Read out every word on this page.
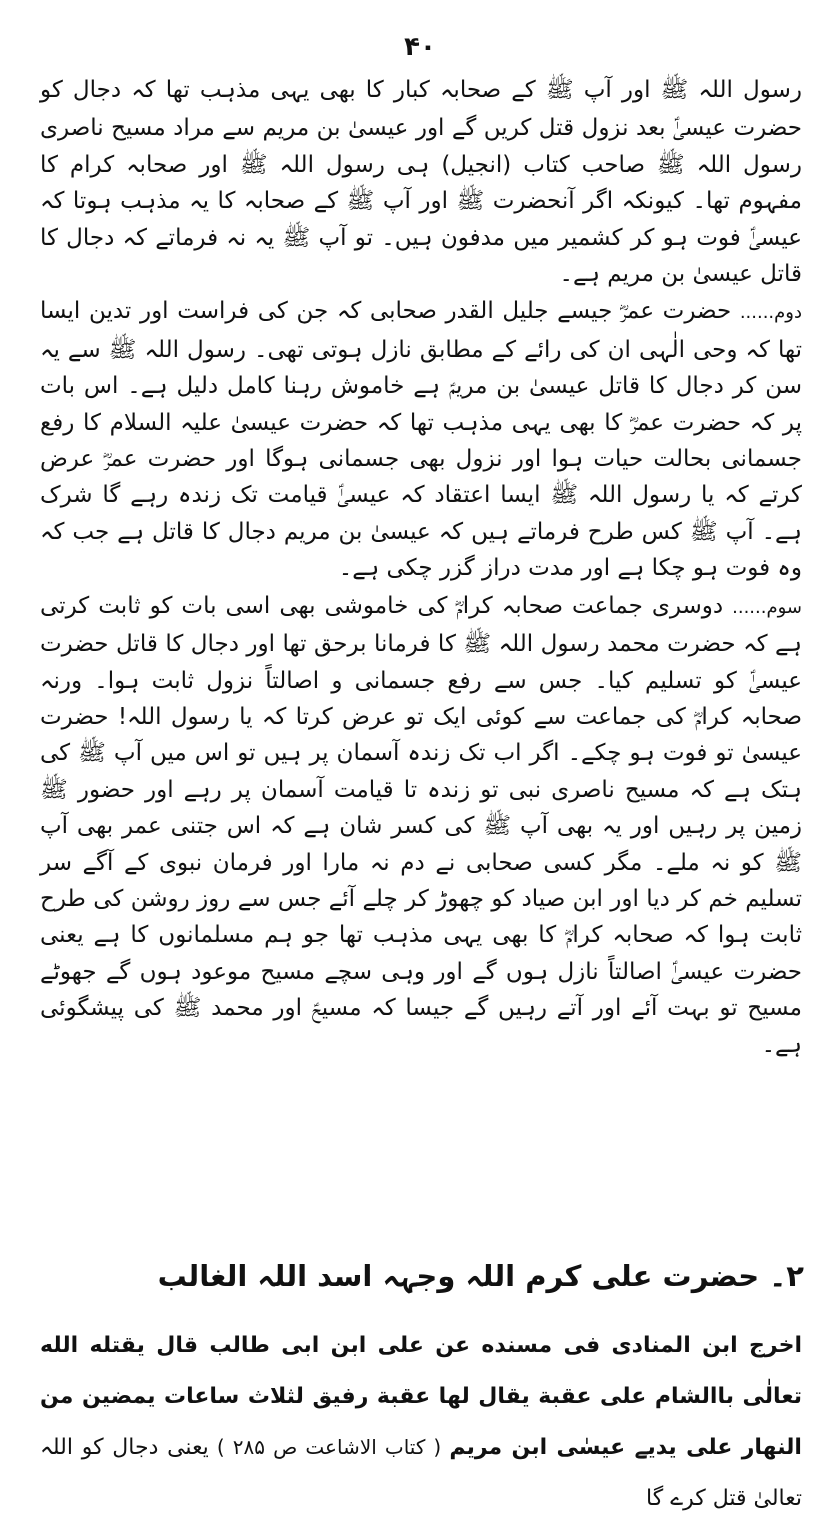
۴۰

رسول اللہ ﷺ اور آپ ﷺ کے صحابہ کبار کا بھی یہی مذہب تھا کہ دجال کو حضرت عیسیٰؑ بعد نزول قتل کریں گے اور عیسیٰ بن مریم سے مراد مسیح ناصری رسول اللہ ﷺ صاحب کتاب (انجیل) ہی رسول اللہ ﷺ اور صحابہ کرام کا مفہوم تھا۔ کیونکہ اگر آنحضرت ﷺ اور آپ ﷺ کے صحابہ کا یہ مذہب ہوتا کہ عیسیٰؑ فوت ہو کر کشمیر میں مدفون ہیں۔ تو آپ ﷺ یہ نہ فرماتے کہ دجال کا قاتل عیسیٰ بن مریم ہے۔

دوم...... حضرت عمرؓ جیسے جلیل القدر صحابی کہ جن کی فراست اور تدین ایسا تھا کہ وحی الٰہی ان کی رائے کے مطابق نازل ہوتی تھی۔ رسول اللہ ﷺ سے یہ سن کر دجال کا قاتل عیسیٰ بن مریمؑ ہے خاموش رہنا کامل دلیل ہے۔ اس بات پر کہ حضرت عمرؓ کا بھی یہی مذہب تھا کہ حضرت عیسیٰ علیہ السلام کا رفع جسمانی بحالت حیات ہوا اور نزول بھی جسمانی ہوگا اور حضرت عمرؓ عرض کرتے کہ یا رسول اللہ ﷺ ایسا اعتقاد کہ عیسیٰؑ قیامت تک زندہ رہے گا شرک ہے۔ آپ ﷺ کس طرح فرماتے ہیں کہ عیسیٰ بن مریم دجال کا قاتل ہے جب کہ وہ فوت ہو چکا ہے اور مدت دراز گزر چکی ہے۔

سوم...... دوسری جماعت صحابہ کرامؓ کی خاموشی بھی اسی بات کو ثابت کرتی ہے کہ حضرت محمد رسول اللہ ﷺ کا فرمانا برحق تھا اور دجال کا قاتل حضرت عیسیٰؑ کو تسلیم کیا۔ جس سے رفع جسمانی و اصالتاً نزول ثابت ہوا۔ ورنہ صحابہ کرامؓ کی جماعت سے کوئی ایک تو عرض کرتا کہ یا رسول اللہ! حضرت عیسیٰ تو فوت ہو چکے۔ اگر اب تک زندہ آسمان پر ہیں تو اس میں آپ ﷺ کی ہتک ہے کہ مسیح ناصری نبی تو زندہ تا قیامت آسمان پر رہے اور حضور ﷺ زمین پر رہیں اور یہ بھی آپ ﷺ کی کسر شان ہے کہ اس جتنی عمر بھی آپ ﷺ کو نہ ملے۔ مگر کسی صحابی نے دم نہ مارا اور فرمان نبوی کے آگے سر تسلیم خم کر دیا اور ابن صیاد کو چھوڑ کر چلے آئے جس سے روز روشن کی طرح ثابت ہوا کہ صحابہ کرامؓ کا بھی یہی مذہب تھا جو ہم مسلمانوں کا ہے یعنی حضرت عیسیٰؑ اصالتاً نازل ہوں گے اور وہی سچے مسیح موعود ہوں گے جھوٹے مسیح تو بہت آئے اور آتے رہیں گے جیسا کہ مسیحؑ اور محمد ﷺ کی پیشگوئی ہے۔

۲۔ حضرت علی کرم اللہ وجہہ اسد اللہ الغالب
اخرج ابن المنادی فی مسنده عن علی ابن ابی طالب قال یقتله الله تعالٰی باالشام علی عقبة یقال لها عقبة رفیق لثلاث ساعات یمضین من النهار علی یدیے عیسٰی ابن مریم ( کتاب الاشاعت ص ۲۸۵ ) یعنی دجال کو اللہ تعالیٰ قتل کرے گا
